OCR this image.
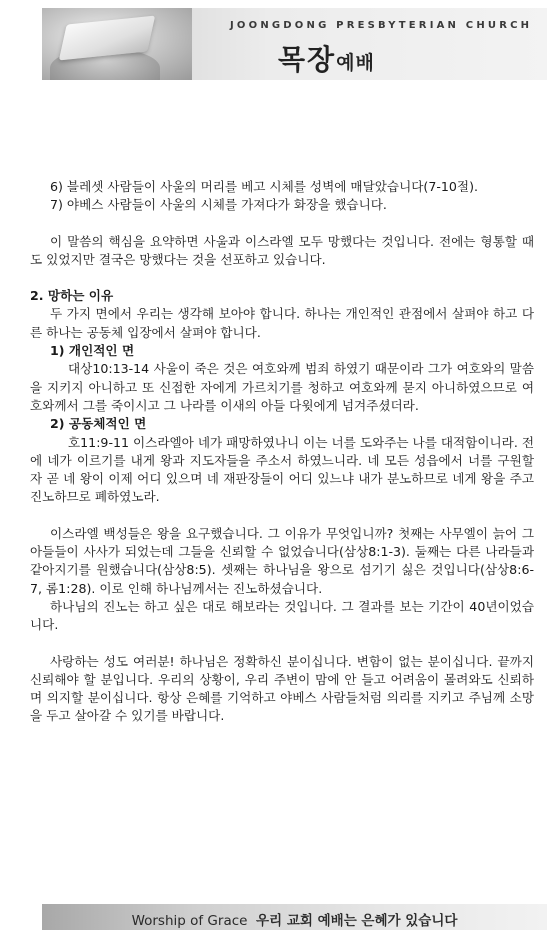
JOONGDONG PRESBYTERIAN CHURCH
목장예배

6) 블레셋 사람들이 사울의 머리를 베고 시체를 성벽에 매달았습니다(7-10절).

7) 야베스 사람들이 사울의 시체를 가져다가 화장을 했습니다.

이 말씀의 핵심을 요약하면 사울과 이스라엘 모두 망했다는 것입니다. 전에는 형통할 때도 있었지만 결국은 망했다는 것을 선포하고 있습니다.

2. 망하는 이유

두 가지 면에서 우리는 생각해 보아야 합니다. 하나는 개인적인 관점에서 살펴야 하고 다른 하나는 공동체 입장에서 살펴야 합니다.

1) 개인적인 면

대상10:13-14 사울이 죽은 것은 여호와께 범죄 하였기 때문이라 그가 여호와의 말씀을 지키지 아니하고 또 신접한 자에게 가르치기를 청하고 여호와께 묻지 아니하였으므로 여호와께서 그를 죽이시고 그 나라를 이새의 아들 다윗에게 넘겨주셨더라.

2) 공동체적인 면

호11:9-11 이스라엘아 네가 패망하였나니 이는 너를 도와주는 나를 대적함이니라. 전에 네가 이르기를 내게 왕과 지도자들을 주소서 하였느니라. 네 모든 성읍에서 너를 구원할 자 곧 네 왕이 이제 어디 있으며 네 재판장들이 어디 있느냐 내가 분노하므로 네게 왕을 주고 진노하므로 폐하였노라.

이스라엘 백성들은 왕을 요구했습니다. 그 이유가 무엇입니까? 첫째는 사무엘이 늙어 그 아들들이 사사가 되었는데 그들을 신뢰할 수 없었습니다(삼상8:1-3). 둘째는 다른 나라들과 같아지기를 원했습니다(삼상8:5). 셋째는 하나님을 왕으로 섬기기 싫은 것입니다(삼상8:6-7, 롬1:28). 이로 인해 하나님께서는 진노하셨습니다.

하나님의 진노는 하고 싶은 대로 해보라는 것입니다. 그 결과를 보는 기간이 40년이었습니다.

사랑하는 성도 여러분! 하나님은 정확하신 분이십니다. 변함이 없는 분이십니다. 끝까지 신뢰해야 할 분입니다. 우리의 상황이, 우리 주변이 맘에 안 들고 어려움이 몰려와도 신뢰하며 의지할 분이십니다. 항상 은혜를 기억하고 야베스 사람들처럼 의리를 지키고 주님께 소망을 두고 살아갈 수 있기를 바랍니다.

Worship of Grace 우리 교회 예배는 은혜가 있습니다
